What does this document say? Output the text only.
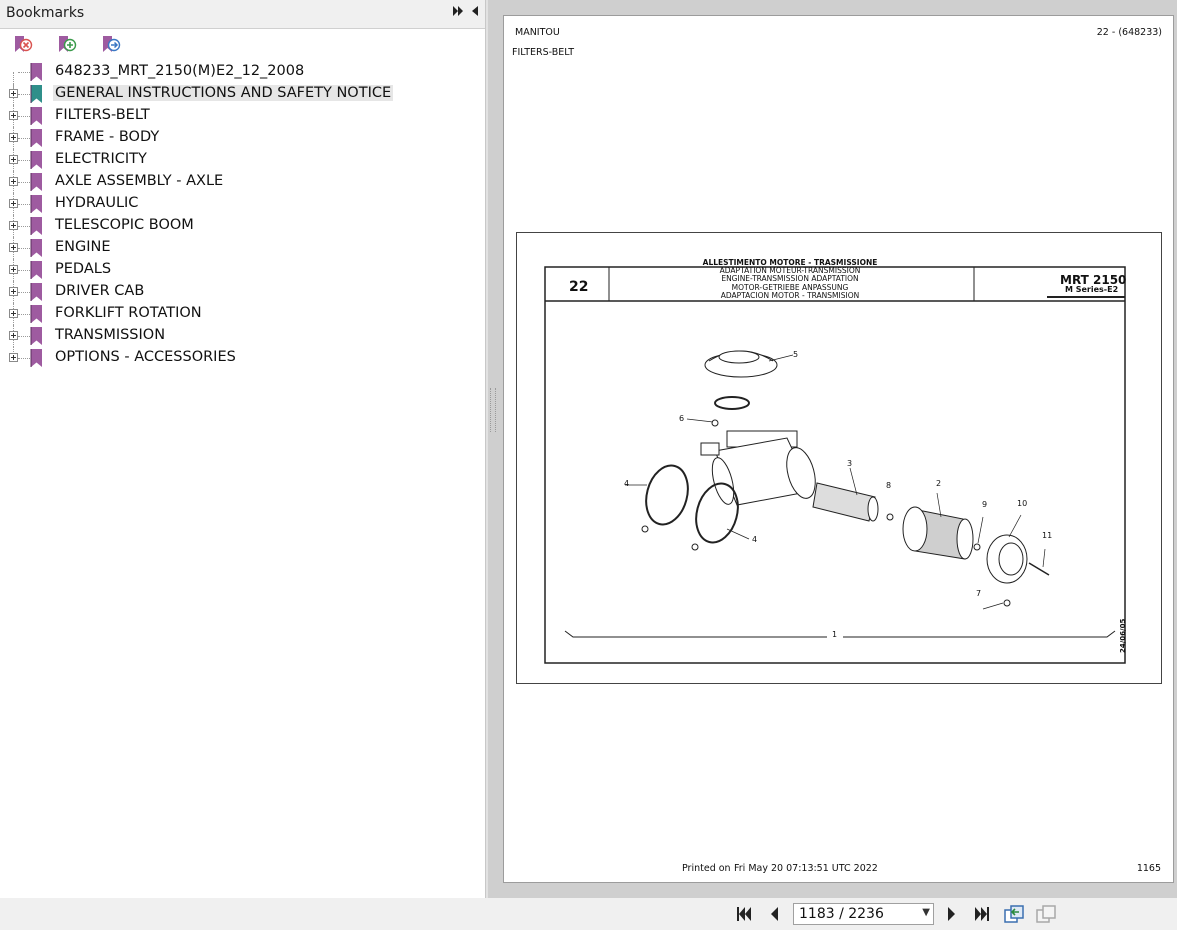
Bookmarks
648233_MRT_2150(M)E2_12_2008
GENERAL INSTRUCTIONS AND SAFETY NOTICE
FILTERS-BELT
FRAME - BODY
ELECTRICITY
AXLE ASSEMBLY - AXLE
HYDRAULIC
TELESCOPIC BOOM
ENGINE
PEDALS
DRIVER CAB
FORKLIFT ROTATION
TRANSMISSION
OPTIONS - ACCESSORIES
MANITOU	22 - (648233)
FILTERS-BELT
22
ALLESTIMENTO MOTORE - TRASMISSIONE
ADAPTATION MOTEUR-TRANSMISSION
ENGINE-TRANSMISSION ADAPTATION
MOTOR-GETRIEBE ANPASSUNG
ADAPTACION MOTOR - TRANSMISION
MRT 2150
M Series-E2
24/06/05
5
6
4
4
3
8	2
9	10
11
7
1
Printed on Fri May 20 07:13:51 UTC 2022	1165
1183 / 2236	▼
